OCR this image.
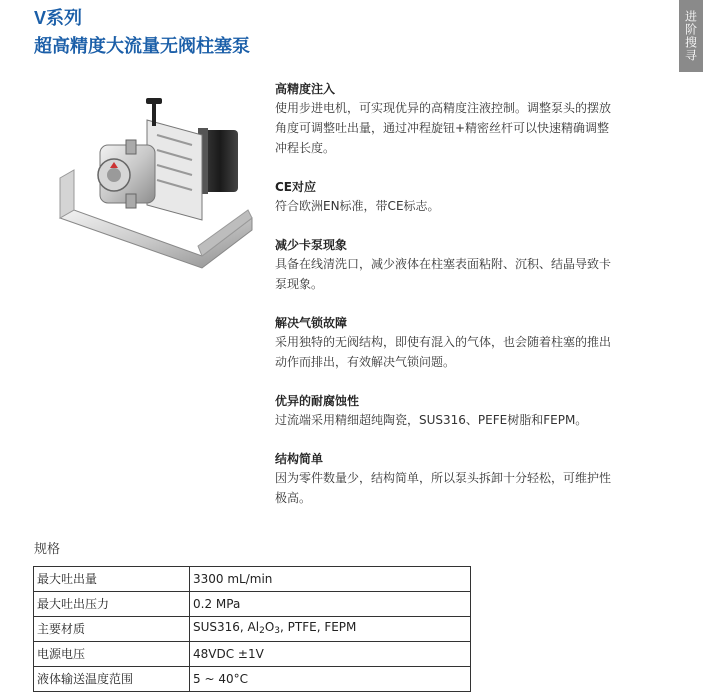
V系列
超高精度大流量无阀柱塞泵	进阶搜寻
高精度注入
使用步进电机，可实现优异的高精度注液控制。调整泵头的摆放角度可调整吐出量，通过冲程旋钮+精密丝杆可以快速精确调整冲程长度。
CE对应
符合欧洲EN标准，带CE标志。
减少卡泵现象
具备在线清洗口，减少液体在柱塞表面粘附、沉积、结晶导致卡泵现象。
解决气锁故障
采用独特的无阀结构，即使有混入的气体，也会随着柱塞的推出动作而排出，有效解决气锁问题。
优异的耐腐蚀性
过流端采用精细超纯陶瓷，SUS316、PEFE树脂和FEPM。
结构简单
因为零件数量少，结构简单，所以泵头拆卸十分轻松，可维护性极高。
规格
最大吐出量	3300 mL/min
最大吐出压力	0.2 MPa
主要材质	SUS316, $Al_2O_3$, PTFE, FEPM
电源电压	48VDC ±1V
液体输送温度范围	5 ~ 40°C
